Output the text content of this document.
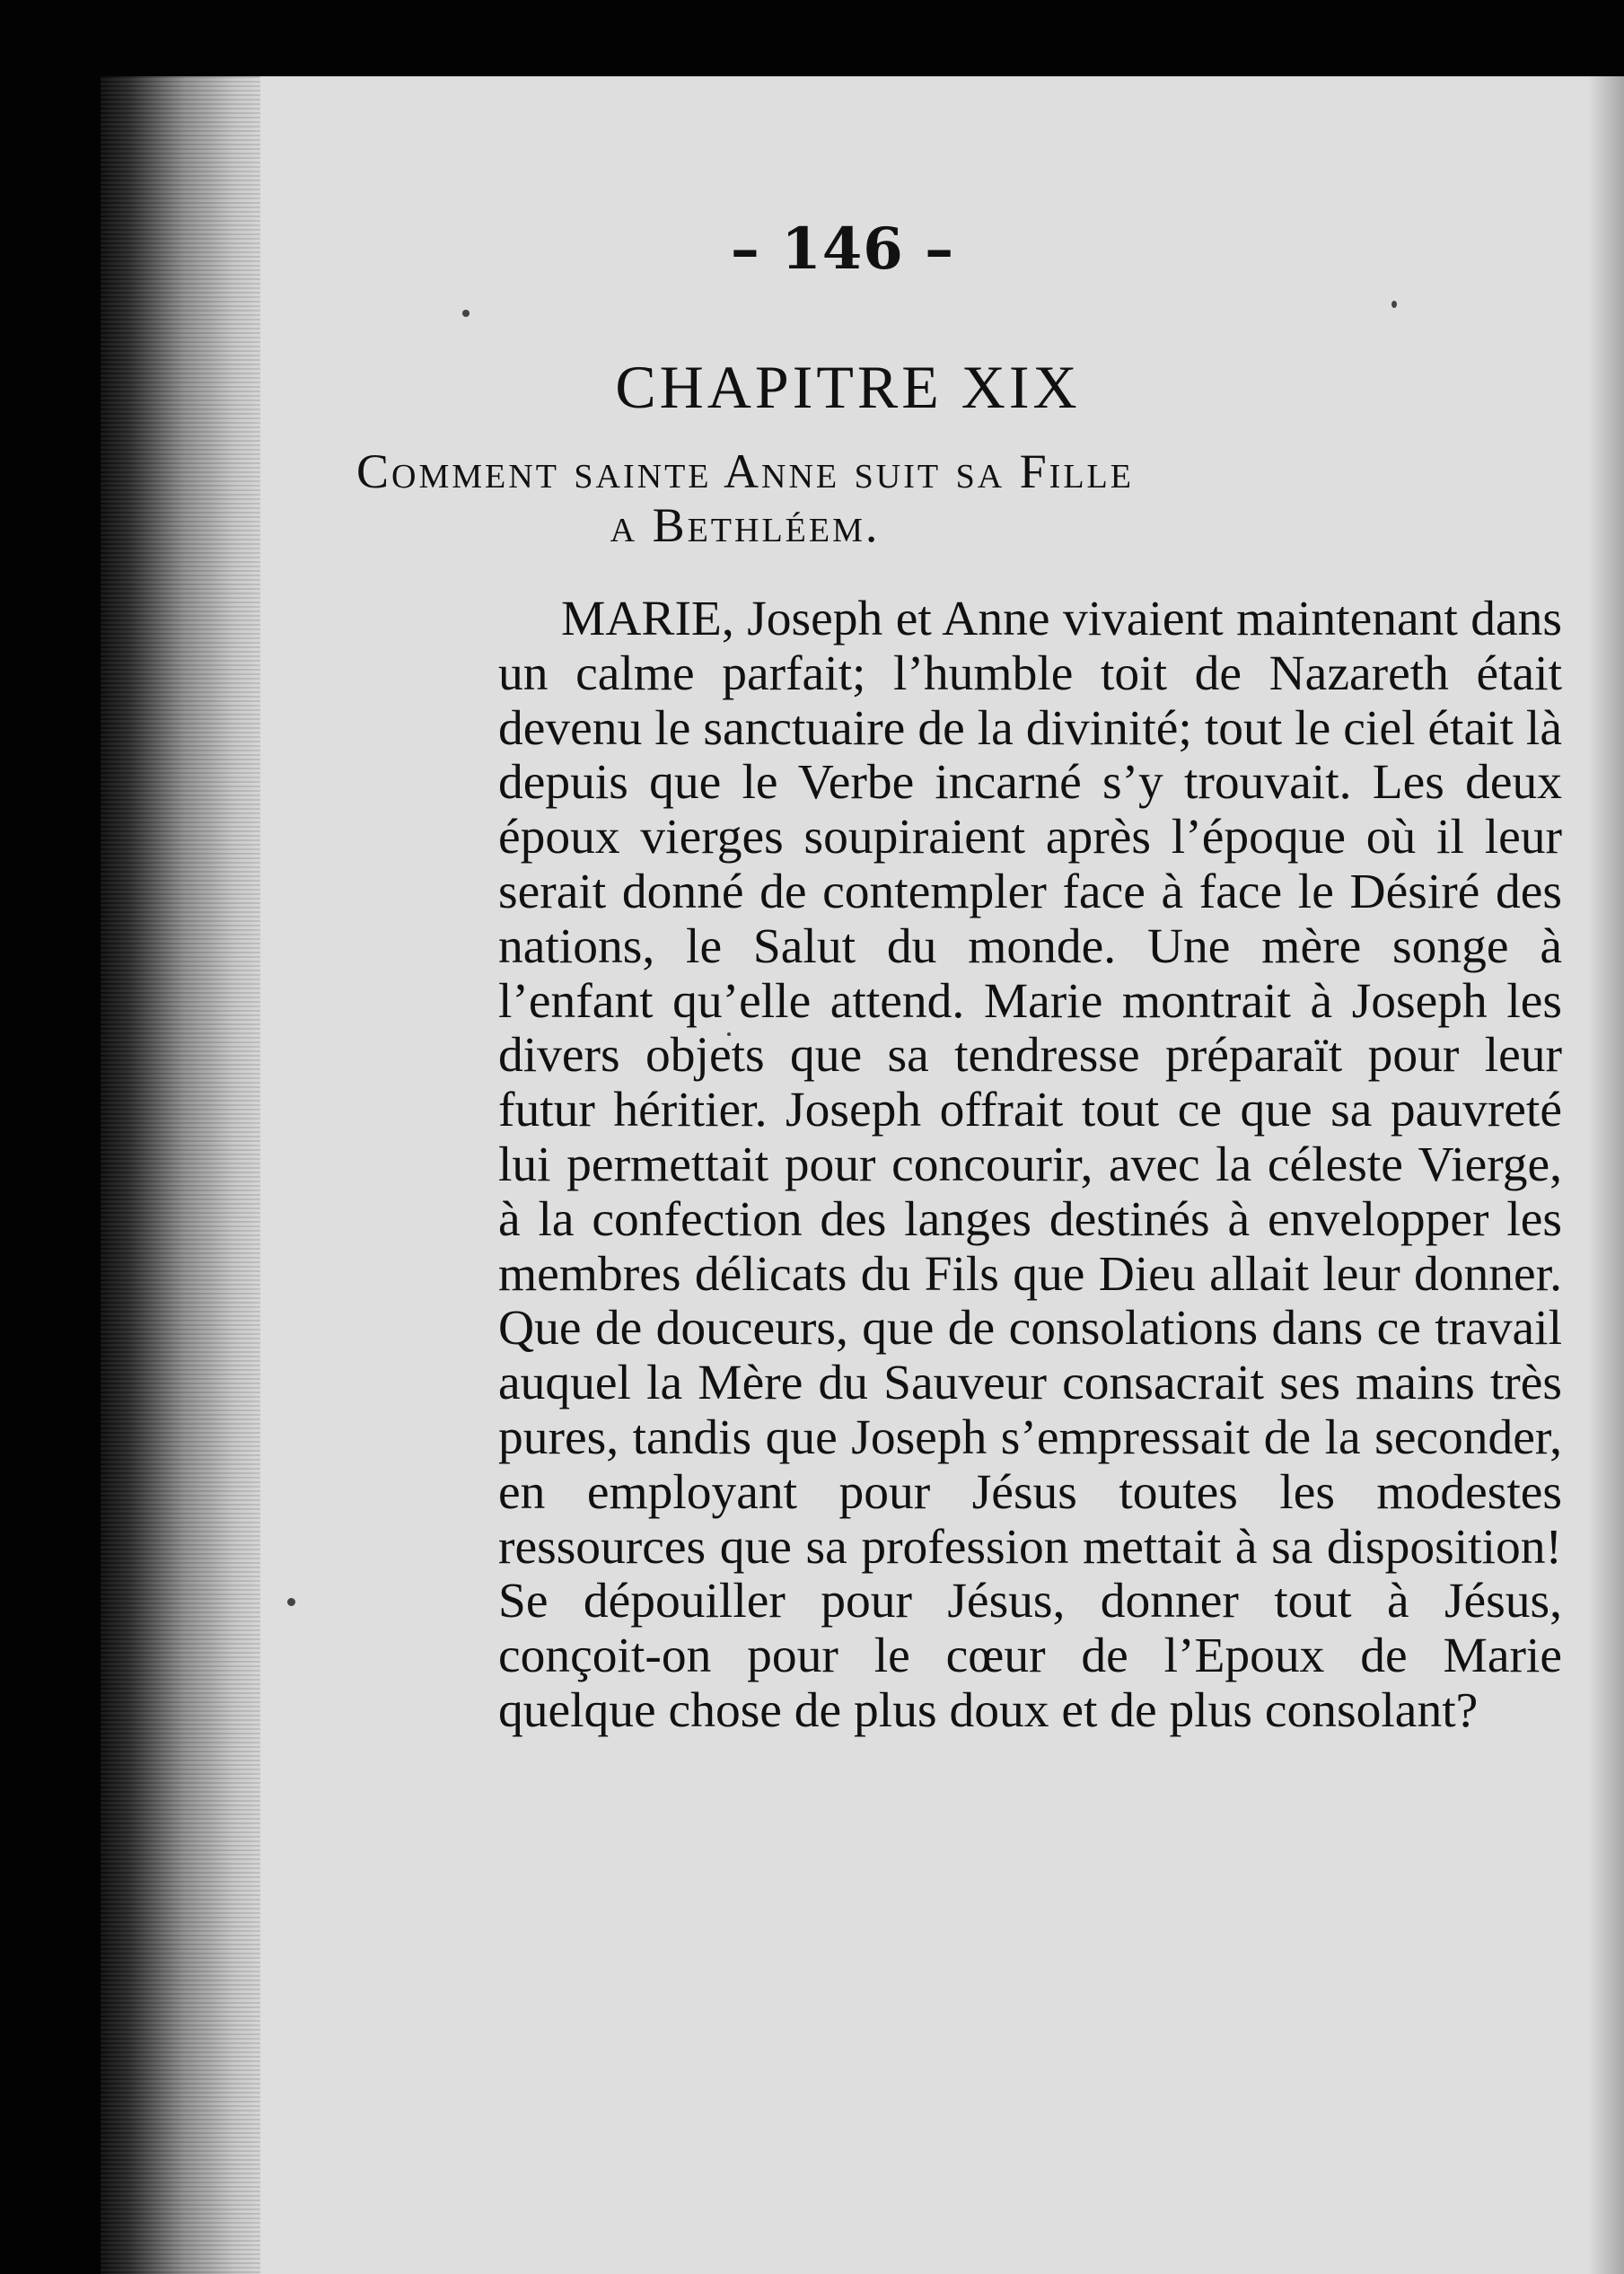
– 146 –
CHAPITRE XIX
Comment sainte Anne suit sa Fille
a Bethléem.

MARIE, Joseph et Anne vivaient maintenant dans un calme parfait; l’humble toit de Nazareth était devenu le sanctuaire de la divinité; tout le ciel était là depuis que le Verbe incarné s’y trouvait. Les deux époux vierges soupiraient après l’époque où il leur serait donné de contempler face à face le Désiré des nations, le Salut du monde. Une mère songe à l’enfant qu’elle attend. Marie montrait à Joseph les divers objets que sa tendresse préparaït pour leur futur héritier. Joseph offrait tout ce que sa pauvreté lui permettait pour concourir, avec la céleste Vierge, à la confection des langes destinés à envelopper les membres délicats du Fils que Dieu allait leur donner. Que de douceurs, que de consolations dans ce travail auquel la Mère du Sauveur consacrait ses mains très pures, tandis que Joseph s’empressait de la seconder, en employant pour Jésus toutes les modestes ressources que sa profession mettait à sa disposition! Se dépouiller pour Jésus, donner tout à Jésus, conçoit-on pour le cœur de l’Epoux de Marie quelque chose de plus doux et de plus consolant?
